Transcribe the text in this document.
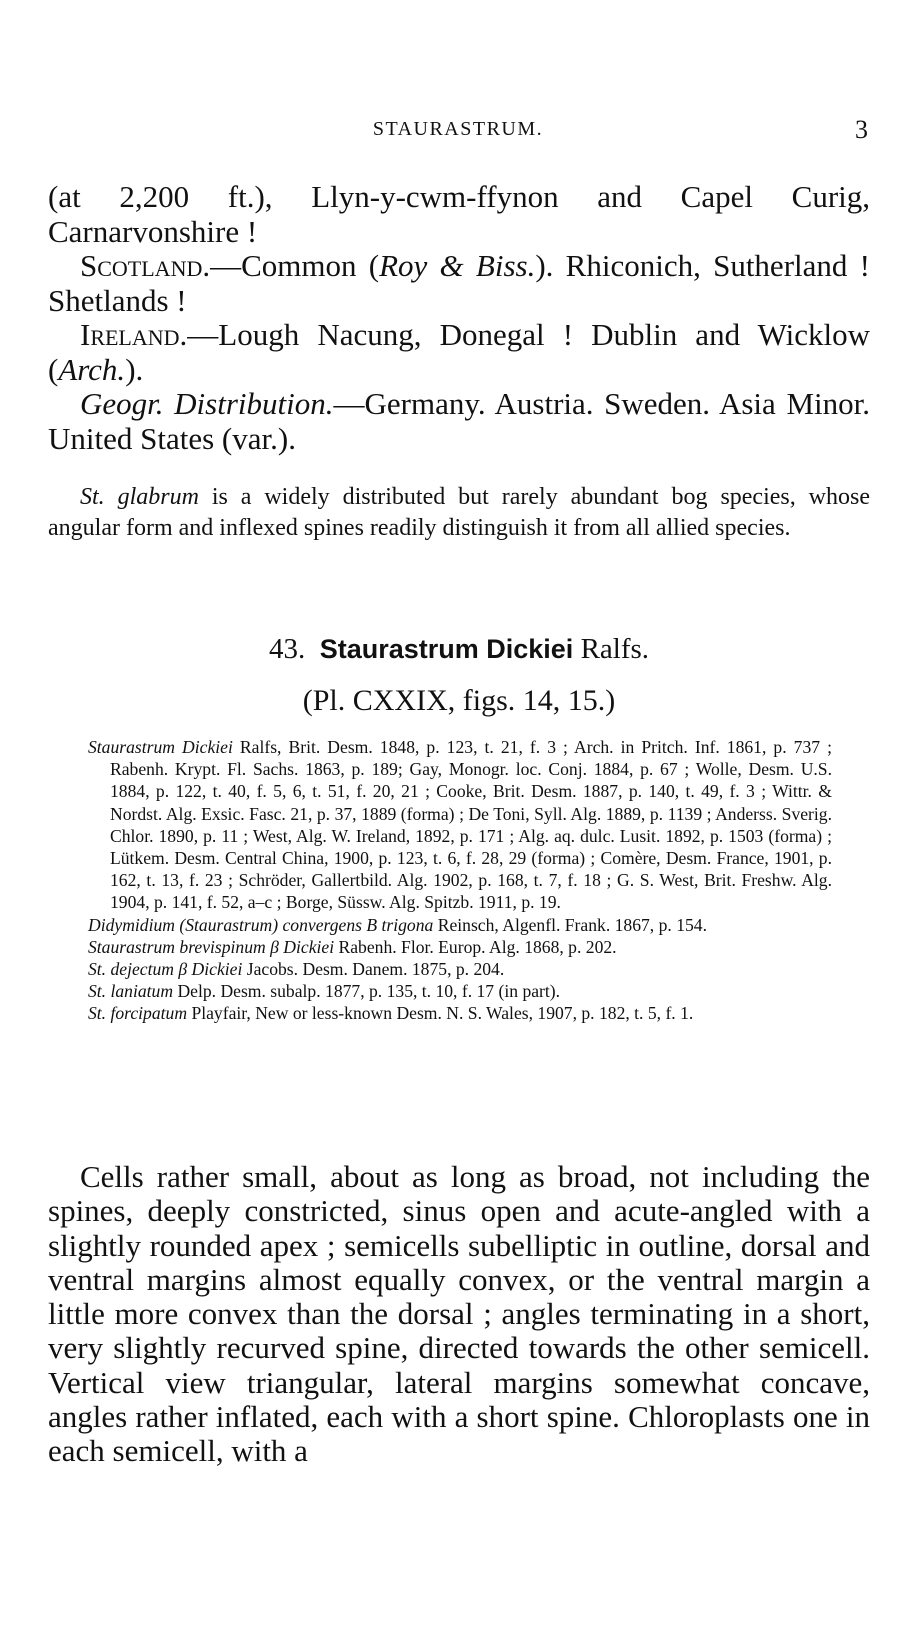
STAURASTRUM.	3

(at 2,200 ft.), Llyn-y-cwm-ffynon and Capel Curig, Carnarvonshire !

Scotland.—Common (Roy & Biss.). Rhiconich, Sutherland ! Shetlands !

Ireland.—Lough Nacung, Donegal ! Dublin and Wicklow (Arch.).

Geogr. Distribution.—Germany. Austria. Sweden. Asia Minor. United States (var.).

St. glabrum is a widely distributed but rarely abundant bog species, whose angular form and inflexed spines readily distinguish it from all allied species.

43. Staurastrum Dickiei Ralfs.
(Pl. CXXIX, figs. 14, 15.)

Staurastrum Dickiei Ralfs, Brit. Desm. 1848, p. 123, t. 21, f. 3 ; Arch. in Pritch. Inf. 1861, p. 737 ; Rabenh. Krypt. Fl. Sachs. 1863, p. 189; Gay, Monogr. loc. Conj. 1884, p. 67 ; Wolle, Desm. U.S. 1884, p. 122, t. 40, f. 5, 6, t. 51, f. 20, 21 ; Cooke, Brit. Desm. 1887, p. 140, t. 49, f. 3 ; Wittr. & Nordst. Alg. Exsic. Fasc. 21, p. 37, 1889 (forma) ; De Toni, Syll. Alg. 1889, p. 1139 ; Anderss. Sverig. Chlor. 1890, p. 11 ; West, Alg. W. Ireland, 1892, p. 171 ; Alg. aq. dulc. Lusit. 1892, p. 1503 (forma) ; Lütkem. Desm. Central China, 1900, p. 123, t. 6, f. 28, 29 (forma) ; Comère, Desm. France, 1901, p. 162, t. 13, f. 23 ; Schröder, Gallertbild. Alg. 1902, p. 168, t. 7, f. 18 ; G. S. West, Brit. Freshw. Alg. 1904, p. 141, f. 52, a–c ; Borge, Süssw. Alg. Spitzb. 1911, p. 19.

Didymidium (Staurastrum) convergens B trigona Reinsch, Algenfl. Frank. 1867, p. 154.

Staurastrum brevispinum β Dickiei Rabenh. Flor. Europ. Alg. 1868, p. 202.

St. dejectum β Dickiei Jacobs. Desm. Danem. 1875, p. 204.

St. laniatum Delp. Desm. subalp. 1877, p. 135, t. 10, f. 17 (in part).

St. forcipatum Playfair, New or less-known Desm. N. S. Wales, 1907, p. 182, t. 5, f. 1.

Cells rather small, about as long as broad, not including the spines, deeply constricted, sinus open and acute-angled with a slightly rounded apex ; semicells subelliptic in outline, dorsal and ventral margins almost equally convex, or the ventral margin a little more convex than the dorsal ; angles terminating in a short, very slightly recurved spine, directed towards the other semicell. Vertical view triangular, lateral margins somewhat concave, angles rather inflated, each with a short spine. Chloroplasts one in each semicell, with a
